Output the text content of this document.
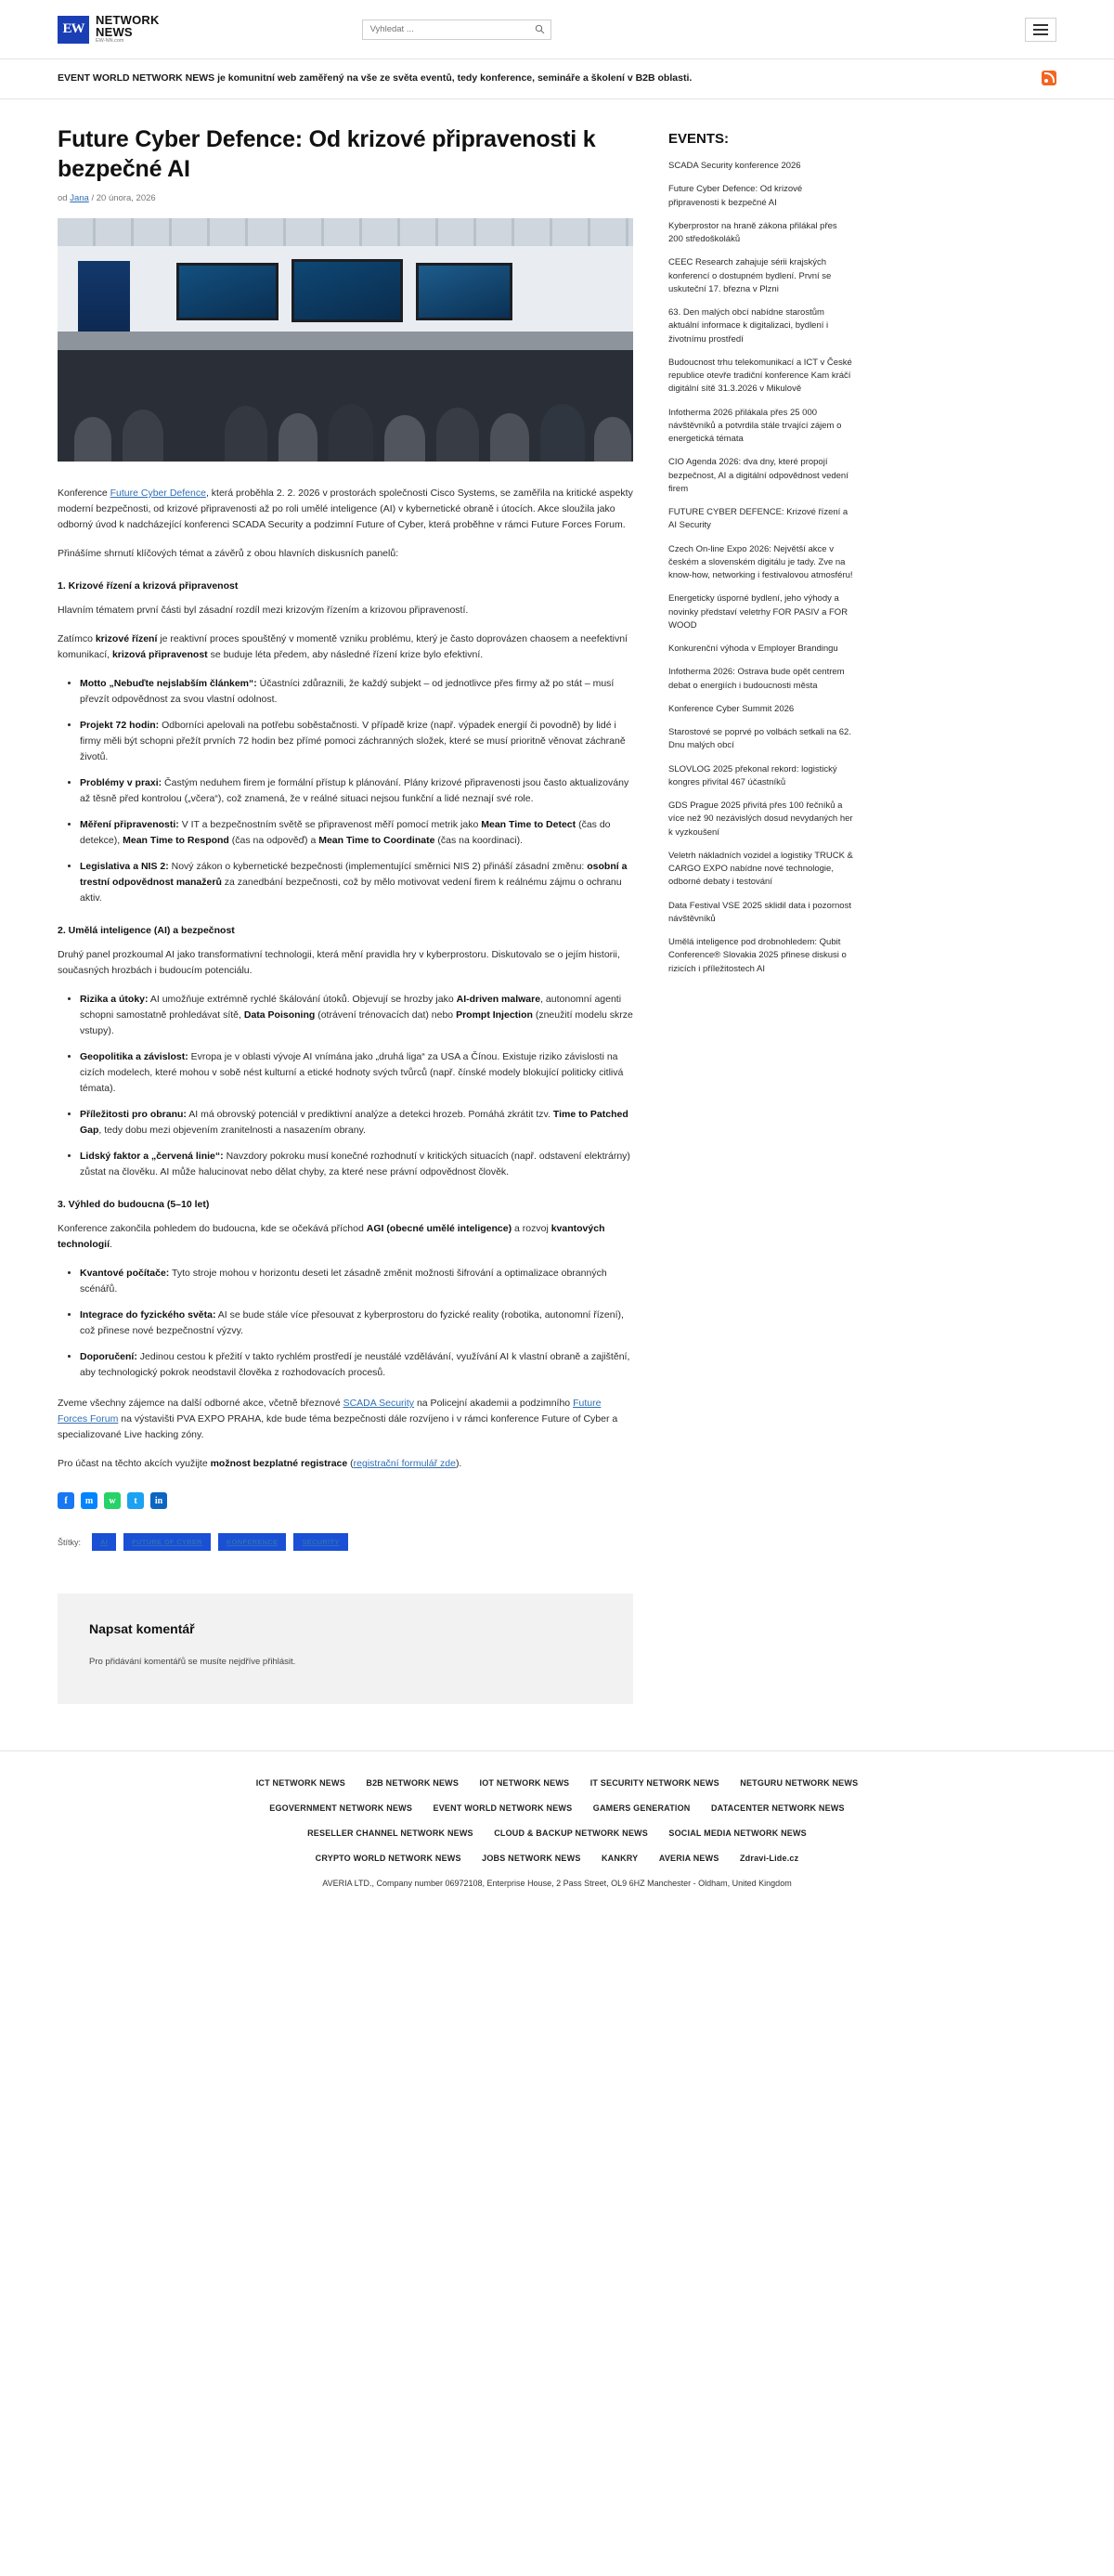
EW
NETWORK
NEWS
EW-NN.com
Vyhledat ...
EVENT WORLD NETWORK NEWS je komunitní web zaměřený na vše ze světa eventů, tedy konference, semináře a školení v B2B oblasti.
Future Cyber Defence: Od krizové připravenosti k bezpečné AI
od Jana / 20 února, 2026

Konference Future Cyber Defence, která proběhla 2. 2. 2026 v prostorách společnosti Cisco Systems, se zaměřila na kritické aspekty moderní bezpečnosti, od krizové připravenosti až po roli umělé inteligence (AI) v kybernetické obraně i útocích. Akce sloužila jako odborný úvod k nadcházející konferenci SCADA Security a podzimní Future of Cyber, která proběhne v rámci Future Forces Forum.

Přinášíme shrnutí klíčových témat a závěrů z obou hlavních diskusních panelů:

1. Krizové řízení a krizová připravenost

Hlavním tématem první části byl zásadní rozdíl mezi krizovým řízením a krizovou připraveností.

Zatímco krizové řízení je reaktivní proces spouštěný v momentě vzniku problému, který je často doprovázen chaosem a neefektivní komunikací, krizová připravenost se buduje léta předem, aby následné řízení krize bylo efektivní.

• Motto „Nebuďte nejslabším článkem“: Účastníci zdůraznili, že každý subjekt – od jednotlivce přes firmy až po stát – musí převzít odpovědnost za svou vlastní odolnost.
• Projekt 72 hodin: Odborníci apelovali na potřebu soběstačnosti. V případě krize (např. výpadek energií či povodně) by lidé i firmy měli být schopni přežít prvních 72 hodin bez přímé pomoci záchranných složek, které se musí prioritně věnovat záchraně životů.
• Problémy v praxi: Častým neduhem firem je formální přístup k plánování. Plány krizové připravenosti jsou často aktualizovány až těsně před kontrolou („včera“), což znamená, že v reálné situaci nejsou funkční a lidé neznají své role.
• Měření připravenosti: V IT a bezpečnostním světě se připravenost měří pomocí metrik jako Mean Time to Detect (čas do detekce), Mean Time to Respond (čas na odpověď) a Mean Time to Coordinate (čas na koordinaci).
• Legislativa a NIS 2: Nový zákon o kybernetické bezpečnosti (implementující směrnici NIS 2) přináší zásadní změnu: osobní a trestní odpovědnost manažerů za zanedbání bezpečnosti, což by mělo motivovat vedení firem k reálnému zájmu o ochranu aktiv.
2. Umělá inteligence (AI) a bezpečnost

Druhý panel prozkoumal AI jako transformativní technologii, která mění pravidla hry v kyberprostoru. Diskutovalo se o jejím historii, současných hrozbách i budoucím potenciálu.

• Rizika a útoky: AI umožňuje extrémně rychlé škálování útoků. Objevují se hrozby jako AI-driven malware, autonomní agenti schopni samostatně prohledávat sítě, Data Poisoning (otrávení trénovacích dat) nebo Prompt Injection (zneužití modelu skrze vstupy).
• Geopolitika a závislost: Evropa je v oblasti vývoje AI vnímána jako „druhá liga“ za USA a Čínou. Existuje riziko závislosti na cizích modelech, které mohou v sobě nést kulturní a etické hodnoty svých tvůrců (např. čínské modely blokující politicky citlivá témata).
• Příležitosti pro obranu: AI má obrovský potenciál v prediktivní analýze a detekci hrozeb. Pomáhá zkrátit tzv. Time to Patched Gap, tedy dobu mezi objevením zranitelnosti a nasazením obrany.
• Lidský faktor a „červená linie“: Navzdory pokroku musí konečné rozhodnutí v kritických situacích (např. odstavení elektrárny) zůstat na člověku. AI může halucinovat nebo dělat chyby, za které nese právní odpovědnost člověk.
3. Výhled do budoucna (5–10 let)

Konference zakončila pohledem do budoucna, kde se očekává příchod AGI (obecné umělé inteligence) a rozvoj kvantových technologií.

• Kvantové počítače: Tyto stroje mohou v horizontu deseti let zásadně změnit možnosti šifrování a optimalizace obranných scénářů.
• Integrace do fyzického světa: AI se bude stále více přesouvat z kyberprostoru do fyzické reality (robotika, autonomní řízení), což přinese nové bezpečnostní výzvy.
• Doporučení: Jedinou cestou k přežití v takto rychlém prostředí je neustálé vzdělávání, využívání AI k vlastní obraně a zajištění, aby technologický pokrok neodstavil člověka z rozhodovacích procesů.

Zveme všechny zájemce na další odborné akce, včetně březnové SCADA Security na Policejní akademii a podzimního Future Forces Forum na výstavišti PVA EXPO PRAHA, kde bude téma bezpečnosti dále rozvíjeno i v rámci konference Future of Cyber a specializované Live hacking zóny.

Pro účast na těchto akcích využijte možnost bezplatné registrace (registrační formulář zde).

f	m	w	t	in
Štítky:	AI	FUTURE OF CYBER	KONFERENCE	SECURITY
Napsat komentář

Pro přidávání komentářů se musíte nejdříve přihlásit.

EVENTS:
SCADA Security konference 2026
Future Cyber Defence: Od krizové připravenosti k bezpečné AI
Kyberprostor na hraně zákona přilákal přes 200 středoškoláků
CEEC Research zahajuje sérii krajských konferencí o dostupném bydlení. První se uskuteční 17. března v Plzni
63. Den malých obcí nabídne starostům aktuální informace k digitalizaci, bydlení i životnímu prostředí
Budoucnost trhu telekomunikací a ICT v České republice otevře tradiční konference Kam kráčí digitální sítě 31.3.2026 v Mikulově
Infotherma 2026 přilákala přes 25 000 návštěvníků a potvrdila stále trvající zájem o energetická témata
CIO Agenda 2026: dva dny, které propojí bezpečnost, AI a digitální odpovědnost vedení firem
FUTURE CYBER DEFENCE: Krizové řízení a AI Security
Czech On-line Expo 2026: Největší akce v českém a slovenském digitálu je tady. Zve na know-how, networking i festivalovou atmosféru!
Energeticky úsporné bydlení, jeho výhody a novinky představí veletrhy FOR PASIV a FOR WOOD
Konkurenční výhoda v Employer Brandingu
Infotherma 2026: Ostrava bude opět centrem debat o energiích i budoucnosti města
Konference Cyber Summit 2026
Starostové se poprvé po volbách setkali na 62. Dnu malých obcí
SLOVLOG 2025 překonal rekord: logistický kongres přivítal 467 účastníků
GDS Prague 2025 přivítá přes 100 řečníků a více než 90 nezávislých dosud nevydaných her k vyzkoušení
Veletrh nákladních vozidel a logistiky TRUCK & CARGO EXPO nabídne nové technologie, odborné debaty i testování
Data Festival VSE 2025 sklidil data i pozornost návštěvníků
Umělá inteligence pod drobnohledem: Qubit Conference® Slovakia 2025 přinese diskusi o rizicích i příležitostech AI
ICT NETWORK NEWS B2B NETWORK NEWS IOT NETWORK NEWS IT SECURITY NETWORK NEWS NETGURU NETWORK NEWS
EGOVERNMENT NETWORK NEWS EVENT WORLD NETWORK NEWS GAMERS GENERATION DATACENTER NETWORK NEWS
RESELLER CHANNEL NETWORK NEWS CLOUD & BACKUP NETWORK NEWS SOCIAL MEDIA NETWORK NEWS
CRYPTO WORLD NETWORK NEWS JOBS NETWORK NEWS KANKRY AVERIA NEWS Zdravi-Lide.cz
AVERIA LTD., Company number 06972108, Enterprise House, 2 Pass Street, OL9 6HZ Manchester - Oldham, United Kingdom
